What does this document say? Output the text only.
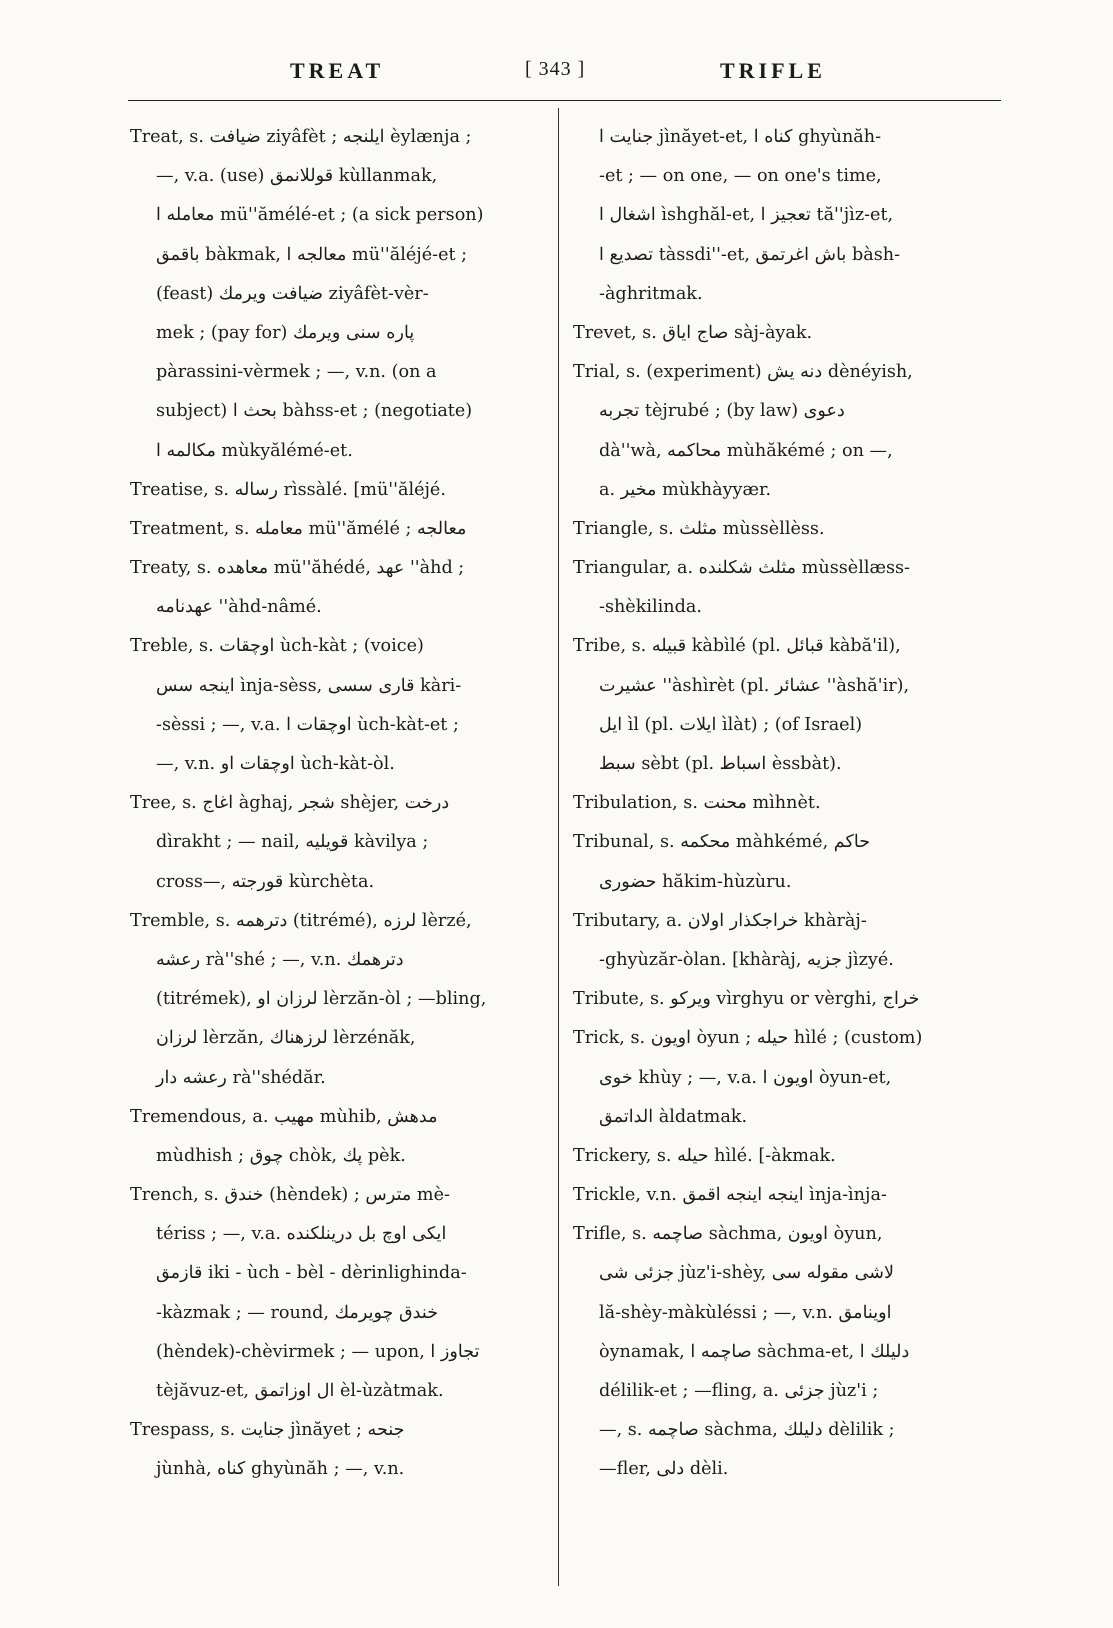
TREAT	[ 343 ]	TRIFLE
Treat, s. ضيافت ziyâfèt ; ايلنجه èylænja ;
—, v.a. (use) قوللانمق kùllanmak,
معامله ا mü''ămélé-et ; (a sick person)
باقمق bàkmak, معالجه ا mü''ăléjé-et ;
(feast) ضيافت ويرمك ziyâfèt-vèr-
mek ; (pay for) پاره سنى ويرمك
pàrassini-vèrmek ; —, v.n. (on a
subject) بحث ا bàhss-et ; (negotiate)
مكالمه ا mùkyălémé-et.
Treatise, s. رساله rìssàlé. [mü''ăléjé.
Treatment, s. معامله mü''ămélé ; معالجه
Treaty, s. معاهده mü''ăhédé, عهد ''àhd ;
عهدنامه ''àhd-nâmé.
Treble, s. اوچقات ùch-kàt ; (voice)
اينجه سس ìnja-sèss, قارى سسى kàri-
-sèssi ; —, v.a. اوچقات ا ùch-kàt-et ;
—, v.n. اوچقات او ùch-kàt-òl.
Tree, s. اغاج àghaj, شجر shèjer, درخت
dìrakht ; — nail, قويليه kàvilya ;
cross—, قورجته kùrchèta.
Tremble, s. دترهمه (titrémé), لرزه lèrzé,
رعشه rà''shé ; —, v.n. دترهمك
(titrémek), لرزان او lèrzăn-òl ; —bling,
لرزان lèrzăn, لرزهناك lèrzénăk,
رعشه دار rà''shédăr.
Tremendous, a. مهيب mùhib, مدهش
mùdhish ; چوق chòk, پك pèk.
Trench, s. خندق (hèndek) ; مترس mè-
tériss ; —, v.a. ايكى اوچ بل درينلكنده
قازمق iki - ùch - bèl - dèrinlighinda-
-kàzmak ; — round, خندق چويرمك
(hèndek)-chèvirmek ; — upon, تجاوز ا
tèjăvuz-et, ال اوزاتمق èl-ùzàtmak.
Trespass, s. جنايت jìnăyet ; جنحه
jùnhà, كناه ghyùnăh ; —, v.n.
جنايت ا jìnăyet-et, كناه ا ghyùnăh-
-et ; — on one, — on one's time,
اشغال ا ìshghăl-et, تعجيز ا tă''jìz-et,
تصديع ا tàssdi''-et, باش اغرتمق bàsh-
-àghritmak.
Trevet, s. صاج اياق sàj-àyak.
Trial, s. (experiment) دنه يش dènéyish,
تجربه tèjrubé ; (by law) دعوى
dà''wà, محاكمه mùhăkémé ; on —,
a. مخير mùkhàyyær.
Triangle, s. مثلث mùssèllèss.
Triangular, a. مثلث شكلنده mùssèllæss-
-shèkilinda.
Tribe, s. قبيله kàbìlé (pl. قبائل kàbă'il),
عشيرت ''àshìrèt (pl. عشائر ''àshă'ir),
ايل ìl (pl. ايلات ìlàt) ; (of Israel)
سبط sèbt (pl. اسباط èssbàt).
Tribulation, s. محنت mìhnèt.
Tribunal, s. محكمه màhkémé, حاكم
حضورى hăkim-hùzùru.
Tributary, a. خراجكذار اولان khàràj-
-ghyùzăr-òlan. [khàràj, جزيه jìzyé.
Tribute, s. ويركو vìrghyu or vèrghi, خراج
Trick, s. اويون òyun ; حيله hìlé ; (custom)
خوى khùy ; —, v.a. اويون ا òyun-et,
الداتمق àldatmak.
Trickery, s. حيله hìlé. [-àkmak.
Trickle, v.n. اينجه اينجه اقمق ìnja-ìnja-
Trifle, s. صاچمه sàchma, اويون òyun,
جزئى شى jùz'i-shèy, لاشى مقوله سى
lă-shèy-màkùléssi ; —, v.n. اوينامق
òynamak, صاچمه ا sàchma-et, دليلك ا
délilik-et ; —fling, a. جزئى jùz'i ;
—, s. صاچمه sàchma, دليلك dèlilik ;
—fler, دلى dèli.
